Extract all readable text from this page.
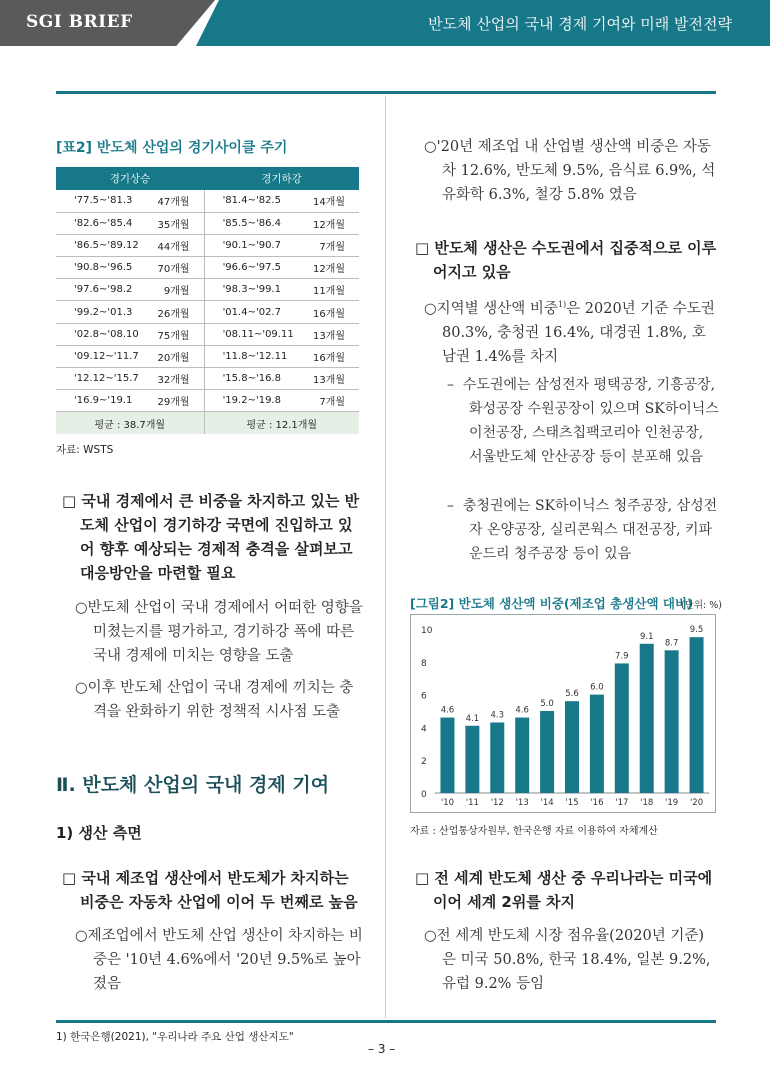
SGI BRIEF	반도체 산업의 국내 경제 기여와 미래 발전전략
[표2] 반도체 산업의 경기사이클 주기
경기상승		경기하강	
'77.5~'81.3	47개월	'81.4~'82.5	14개월
'82.6~'85.4	35개월	'85.5~'86.4	12개월
'86.5~'89.12	44개월	'90.1~'90.7	7개월
'90.8~'96.5	70개월	'96.6~'97.5	12개월
'97.6~'98.2	9개월	'98.3~'99.1	11개월
'99.2~'01.3	26개월	'01.4~'02.7	16개월
'02.8~'08.10	75개월	'08.11~'09.11	13개월
'09.12~'11.7	20개월	'11.8~'12.11	16개월
'12.12~'15.7	32개월	'15.8~'16.8	13개월
'16.9~'19.1	29개월	'19.2~'19.8	7개월
평균 : 38.7개월		평균 : 12.1개월	
자료: WSTS
□ 국내 경제에서 큰 비중을 차지하고 있는 반도체 산업이 경기하강 국면에 진입하고 있어 향후 예상되는 경제적 충격을 살펴보고 대응방안을 마련할 필요
○반도체 산업이 국내 경제에서 어떠한 영향을 미쳤는지를 평가하고, 경기하강 폭에 따른 국내 경제에 미치는 영향을 도출
○이후 반도체 산업이 국내 경제에 끼치는 충격을 완화하기 위한 정책적 시사점 도출
Ⅱ. 반도체 산업의 국내 경제 기여
1) 생산 측면
□ 국내 제조업 생산에서 반도체가 차지하는 비중은 자동차 산업에 이어 두 번째로 높음
○제조업에서 반도체 산업 생산이 차지하는 비중은 '10년 4.6%에서 '20년 9.5%로 높아졌음
○'20년 제조업 내 산업별 생산액 비중은 자동차 12.6%, 반도체 9.5%, 음식료 6.9%, 석유화학 6.3%, 철강 5.8% 였음
□ 반도체 생산은 수도권에서 집중적으로 이루어지고 있음
○지역별 생산액 비중$^{1)}$은 2020년 기준 수도권 80.3%, 충청권 16.4%, 대경권 1.8%, 호남권 1.4%를 차지
– 수도권에는 삼성전자 평택공장, 기흥공장, 화성공장 수원공장이 있으며 SK하이닉스 이천공장, 스태츠칩팩코리아 인천공장, 서울반도체 안산공장 등이 분포해 있음
– 충청권에는 SK하이닉스 청주공장, 삼성전자 온양공장, 실리콘웍스 대전공장, 키파운드리 청주공장 등이 있음
[그림2] 반도체 생산액 비중(제조업 총생산액 대비)
(단위: %)
0
2
4
6
8
10
4.6
'10
4.1
'11
4.3
'12
4.6
'13
5.0
'14
5.6
'15
6.0
'16
7.9
'17
9.1
'18
8.7
'19
9.5
'20
자료 : 산업통상자원부, 한국은행 자료 이용하여 자체계산
□ 전 세계 반도체 생산 중 우리나라는 미국에 이어 세계 2위를 차지
○전 세계 반도체 시장 점유율(2020년 기준)은 미국 50.8%, 한국 18.4%, 일본 9.2%, 유럽 9.2% 등임
1) 한국은행(2021), "우리나라 주요 산업 생산지도"
– 3 –
